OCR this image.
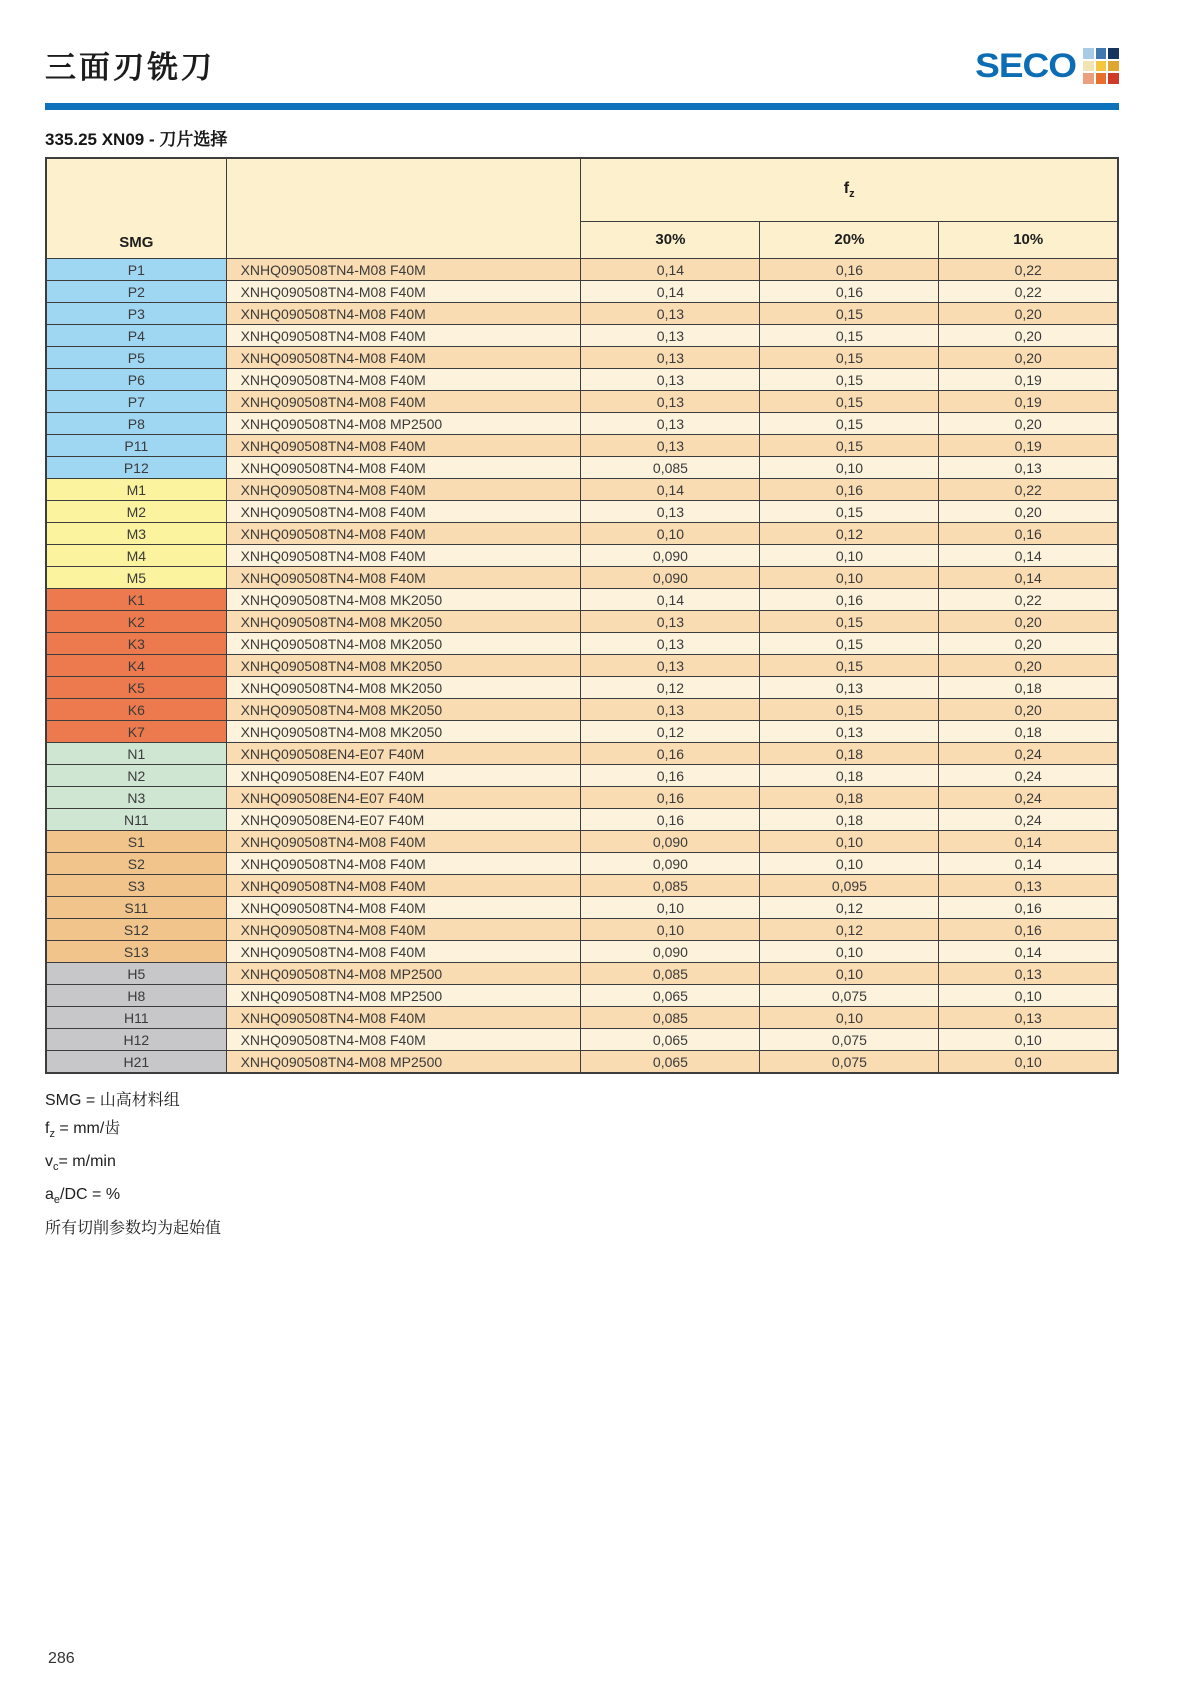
三面刃铣刀	SECO
335.25 XN09 - 刀片选择
SMG		$f_z$
		30%	20%	10%
P1	XNHQ090508TN4-M08 F40M	0,14	0,16	0,22
P2	XNHQ090508TN4-M08 F40M	0,14	0,16	0,22
P3	XNHQ090508TN4-M08 F40M	0,13	0,15	0,20
P4	XNHQ090508TN4-M08 F40M	0,13	0,15	0,20
P5	XNHQ090508TN4-M08 F40M	0,13	0,15	0,20
P6	XNHQ090508TN4-M08 F40M	0,13	0,15	0,19
P7	XNHQ090508TN4-M08 F40M	0,13	0,15	0,19
P8	XNHQ090508TN4-M08 MP2500	0,13	0,15	0,20
P11	XNHQ090508TN4-M08 F40M	0,13	0,15	0,19
P12	XNHQ090508TN4-M08 F40M	0,085	0,10	0,13
M1	XNHQ090508TN4-M08 F40M	0,14	0,16	0,22
M2	XNHQ090508TN4-M08 F40M	0,13	0,15	0,20
M3	XNHQ090508TN4-M08 F40M	0,10	0,12	0,16
M4	XNHQ090508TN4-M08 F40M	0,090	0,10	0,14
M5	XNHQ090508TN4-M08 F40M	0,090	0,10	0,14
K1	XNHQ090508TN4-M08 MK2050	0,14	0,16	0,22
K2	XNHQ090508TN4-M08 MK2050	0,13	0,15	0,20
K3	XNHQ090508TN4-M08 MK2050	0,13	0,15	0,20
K4	XNHQ090508TN4-M08 MK2050	0,13	0,15	0,20
K5	XNHQ090508TN4-M08 MK2050	0,12	0,13	0,18
K6	XNHQ090508TN4-M08 MK2050	0,13	0,15	0,20
K7	XNHQ090508TN4-M08 MK2050	0,12	0,13	0,18
N1	XNHQ090508EN4-E07 F40M	0,16	0,18	0,24
N2	XNHQ090508EN4-E07 F40M	0,16	0,18	0,24
N3	XNHQ090508EN4-E07 F40M	0,16	0,18	0,24
N11	XNHQ090508EN4-E07 F40M	0,16	0,18	0,24
S1	XNHQ090508TN4-M08 F40M	0,090	0,10	0,14
S2	XNHQ090508TN4-M08 F40M	0,090	0,10	0,14
S3	XNHQ090508TN4-M08 F40M	0,085	0,095	0,13
S11	XNHQ090508TN4-M08 F40M	0,10	0,12	0,16
S12	XNHQ090508TN4-M08 F40M	0,10	0,12	0,16
S13	XNHQ090508TN4-M08 F40M	0,090	0,10	0,14
H5	XNHQ090508TN4-M08 MP2500	0,085	0,10	0,13
H8	XNHQ090508TN4-M08 MP2500	0,065	0,075	0,10
H11	XNHQ090508TN4-M08 F40M	0,085	0,10	0,13
H12	XNHQ090508TN4-M08 F40M	0,065	0,075	0,10
H21	XNHQ090508TN4-M08 MP2500	0,065	0,075	0,10
SMG = 山高材料组
$f_z = mm/$齿
$v_c= m/\min$
$a_e/DC$ = %
所有切削参数均为起始值
286
